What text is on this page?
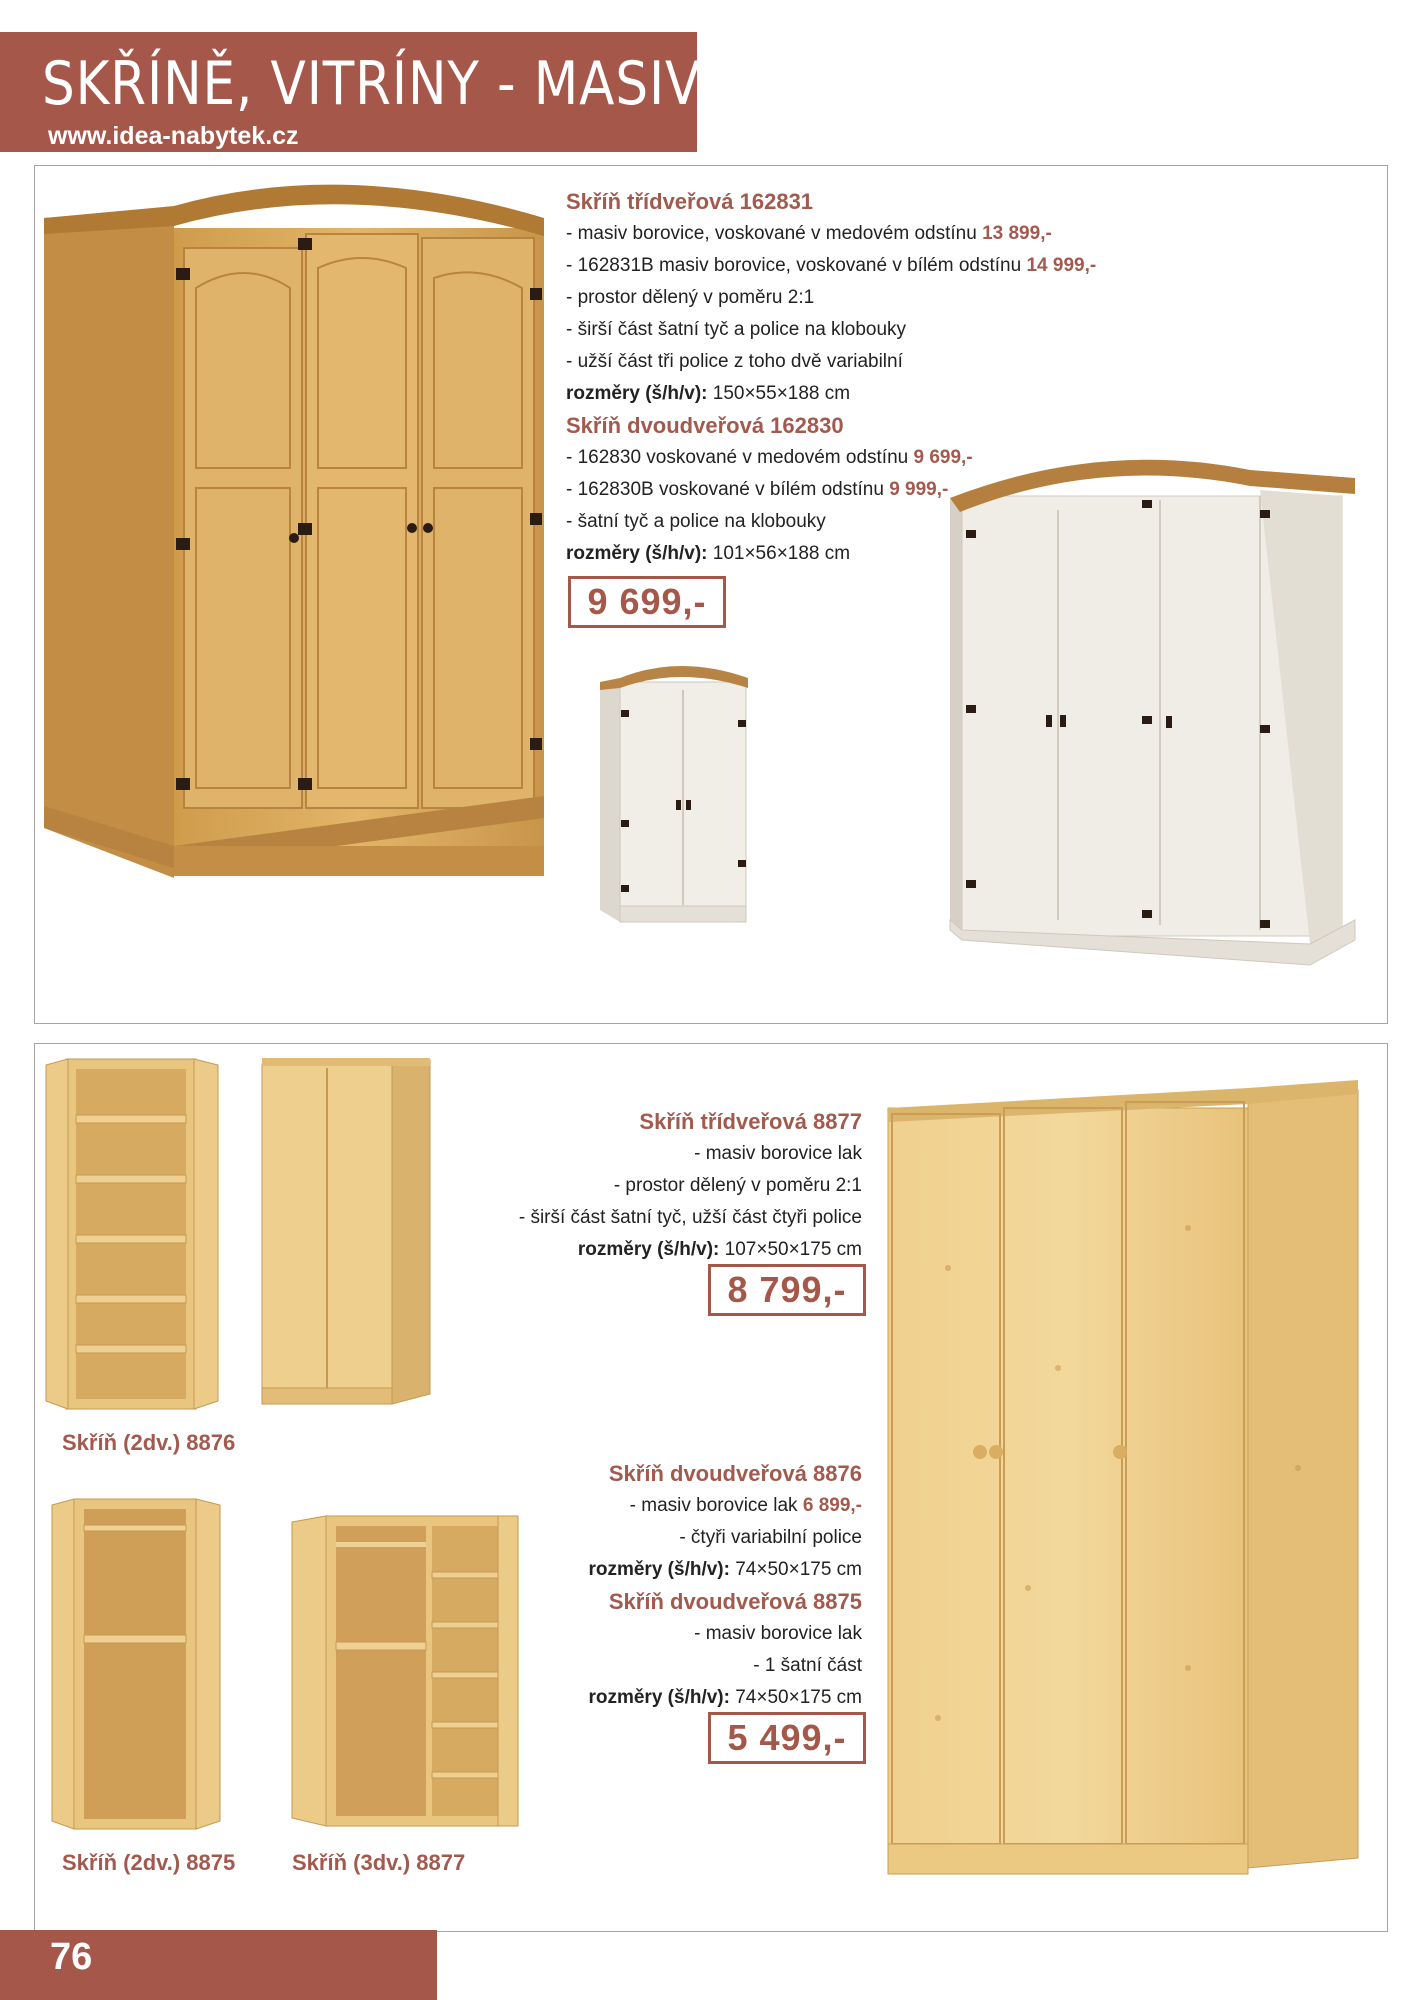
SKŘÍNĚ, VITRÍNY - MASIV
www.idea-nabytek.cz
Skříň třídveřová 162831
- masiv borovice, voskované v medovém odstínu 13 899,-
- 162831B masiv borovice, voskované v bílém odstínu 14 999,-
- prostor dělený v poměru 2:1
- širší část šatní tyč a police na klobouky
- užší část tři police z toho dvě variabilní
rozměry (š/h/v): 150×55×188 cm
Skříň dvoudveřová 162830
- 162830 voskované v medovém odstínu 9 699,-
- 162830B voskované v bílém odstínu 9 999,-
- šatní tyč a police na klobouky
rozměry (š/h/v): 101×56×188 cm
9 699,-
Skříň (2dv.) 8876
Skříň (2dv.) 8875	Skříň (3dv.) 8877
Skříň třídveřová 8877
- masiv borovice lak
- prostor dělený v poměru 2:1
- širší část šatní tyč, užší část čtyři police
rozměry (š/h/v): 107×50×175 cm
8 799,-
Skříň dvoudveřová 8876
- masiv borovice lak 6 899,-
- čtyři variabilní police
rozměry (š/h/v): 74×50×175 cm
Skříň dvoudveřová 8875
- masiv borovice lak
- 1 šatní část
rozměry (š/h/v): 74×50×175 cm
5 499,-
76
